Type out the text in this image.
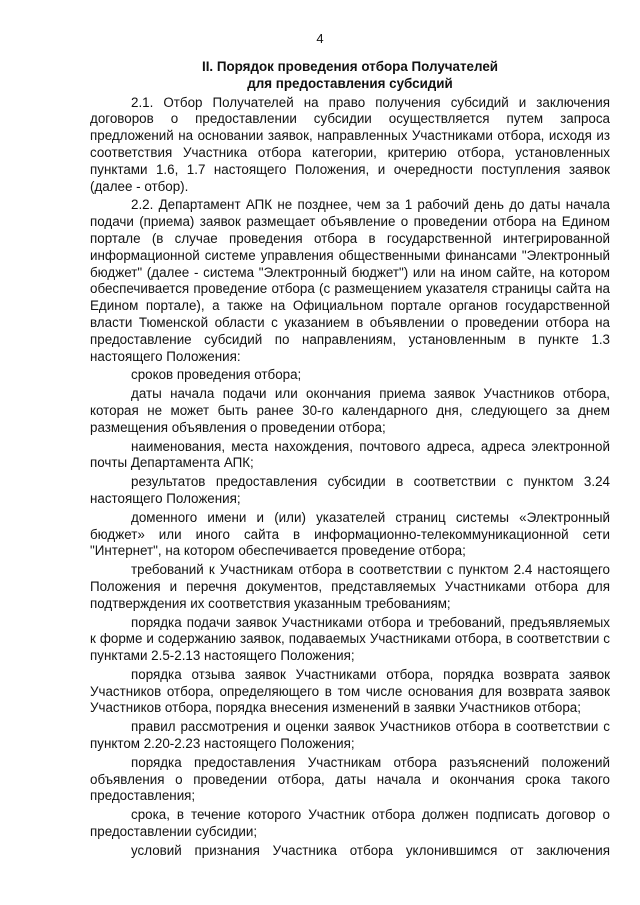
4
II. Порядок проведения отбора Получателей
для предоставления субсидий
2.1. Отбор Получателей на право получения субсидий и заключения договоров о предоставлении субсидии осуществляется путем запроса предложений на основании заявок, направленных Участниками отбора, исходя из соответствия Участника отбора категории, критерию отбора, установленных пунктами 1.6, 1.7 настоящего Положения, и очередности поступления заявок (далее - отбор).
2.2. Департамент АПК не позднее, чем за 1 рабочий день до даты начала подачи (приема) заявок размещает объявление о проведении отбора на Едином портале (в случае проведения отбора в государственной интегрированной информационной системе управления общественными финансами "Электронный бюджет" (далее - система "Электронный бюджет") или на ином сайте, на котором обеспечивается проведение отбора (с размещением указателя страницы сайта на Едином портале), а также на Официальном портале органов государственной власти Тюменской области с указанием в объявлении о проведении отбора на предоставление субсидий по направлениям, установленным в пункте 1.3 настоящего Положения:
сроков проведения отбора;
даты начала подачи или окончания приема заявок Участников отбора, которая не может быть ранее 30-го календарного дня, следующего за днем размещения объявления о проведении отбора;
наименования, места нахождения, почтового адреса, адреса электронной почты Департамента АПК;
результатов предоставления субсидии в соответствии с пунктом 3.24 настоящего Положения;
доменного имени и (или) указателей страниц системы «Электронный бюджет» или иного сайта в информационно-телекоммуникационной сети "Интернет", на котором обеспечивается проведение отбора;
требований к Участникам отбора в соответствии с пунктом 2.4 настоящего Положения и перечня документов, представляемых Участниками отбора для подтверждения их соответствия указанным требованиям;
порядка подачи заявок Участниками отбора и требований, предъявляемых к форме и содержанию заявок, подаваемых Участниками отбора, в соответствии с пунктами 2.5-2.13 настоящего Положения;
порядка отзыва заявок Участниками отбора, порядка возврата заявок Участников отбора, определяющего в том числе основания для возврата заявок Участников отбора, порядка внесения изменений в заявки Участников отбора;
правил рассмотрения и оценки заявок Участников отбора в соответствии с пунктом 2.20-2.23 настоящего Положения;
порядка предоставления Участникам отбора разъяснений положений объявления о проведении отбора, даты начала и окончания срока такого предоставления;
срока, в течение которого Участник отбора должен подписать договор о предоставлении субсидии;
условий признания Участника отбора уклонившимся от заключения
